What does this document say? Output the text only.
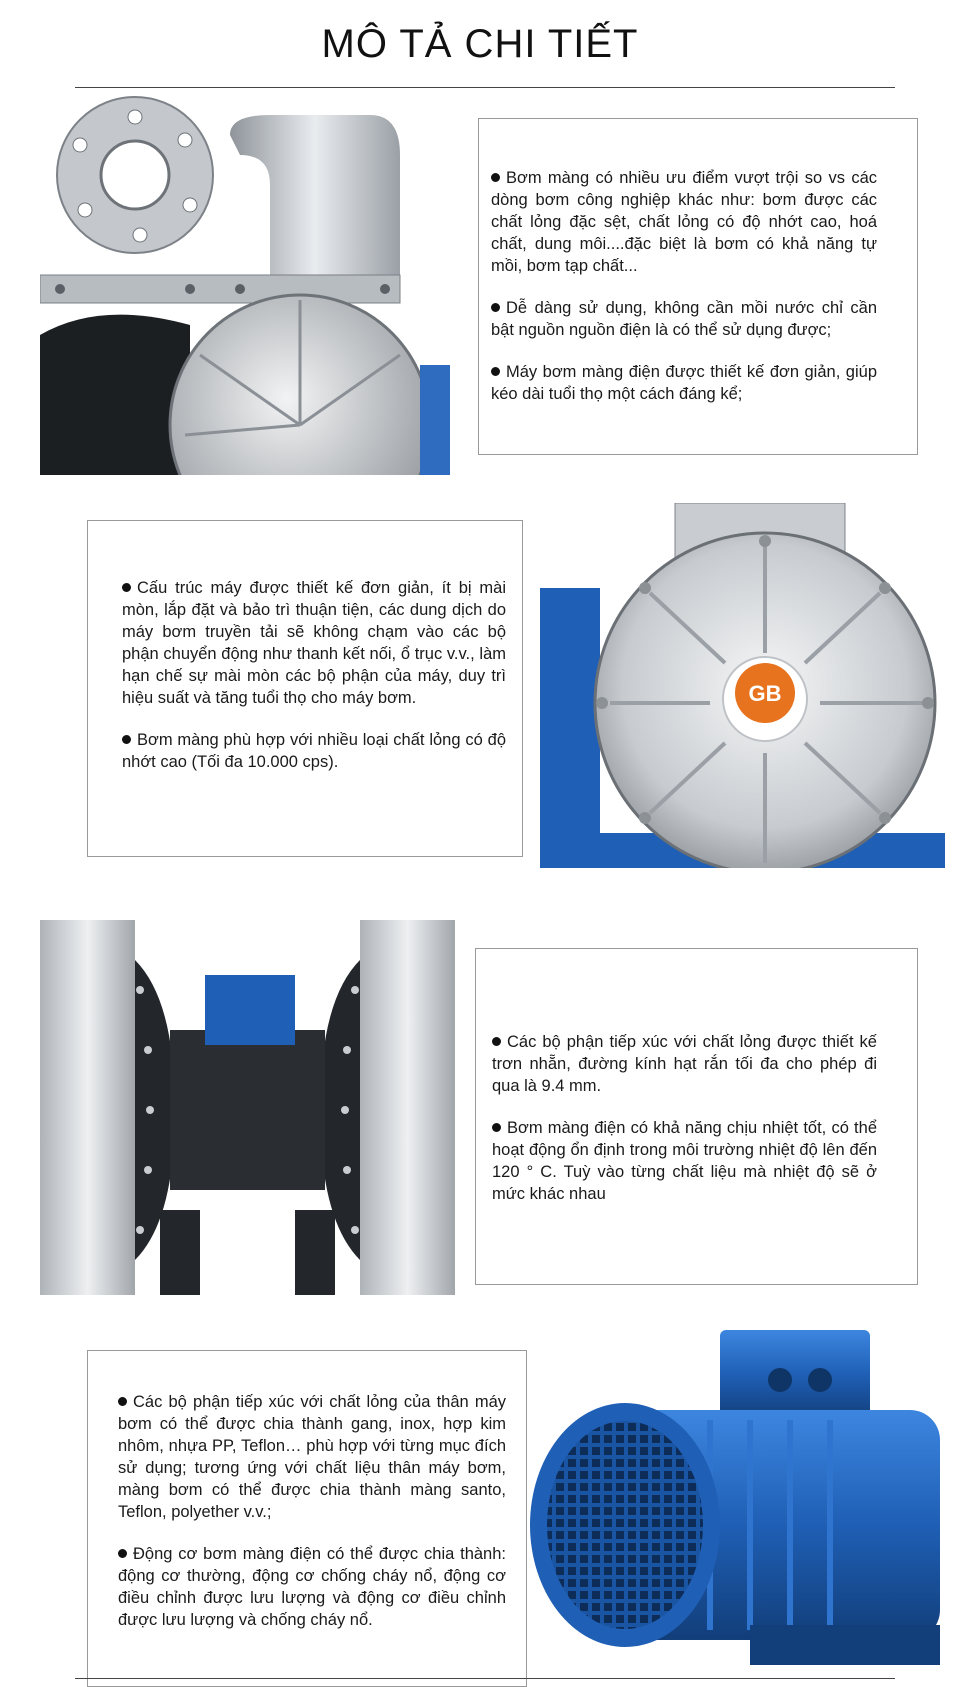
MÔ TẢ CHI TIẾT

Bơm màng có nhiều ưu điểm vượt trội so vs các dòng bơm công nghiệp khác như: bơm được các chất lỏng đặc sệt, chất lỏng có độ nhớt cao, hoá chất, dung môi....đặc biệt là bơm có khả năng tự mồi, bơm tạp chất...

Dễ dàng sử dụng, không cần mồi nước chỉ cần bật nguồn nguồn điện là có thể sử dụng được;

Máy bơm màng điện được thiết kế đơn giản, giúp kéo dài tuổi thọ một cách đáng kể;

Cấu trúc máy được thiết kế đơn giản, ít bị mài mòn, lắp đặt và bảo trì thuận tiện, các dung dịch do máy bơm truyền tải sẽ không chạm vào các bộ phận chuyển động như thanh kết nối, ổ trục v.v., làm hạn chế sự mài mòn các bộ phận của máy, duy trì hiệu suất và tăng tuổi thọ cho máy bơm.

Bơm màng phù hợp với nhiều loại chất lỏng có độ nhớt cao (Tối đa 10.000 cps).

GB

Các bộ phận tiếp xúc với chất lỏng được thiết kế trơn nhẵn, đường kính hạt rắn tối đa cho phép đi qua là 9.4 mm.

Bơm màng điện có khả năng chịu nhiệt tốt, có thể hoạt động ổn định trong môi trường nhiệt độ lên đến 120 ° C. Tuỳ vào từng chất liệu mà nhiệt độ sẽ ở mức khác nhau

Các bộ phận tiếp xúc với chất lỏng của thân máy bơm có thể được chia thành gang, inox, hợp kim nhôm, nhựa PP, Teflon… phù hợp với từng mục đích sử dụng; tương ứng với chất liệu thân máy bơm, màng bơm có thể được chia thành màng santo, Teflon, polyether v.v.;

Động cơ bơm màng điện có thể được chia thành: động cơ thường, động cơ chống cháy nổ, động cơ điều chỉnh được lưu lượng và động cơ điều chỉnh được lưu lượng và chống cháy nổ.
